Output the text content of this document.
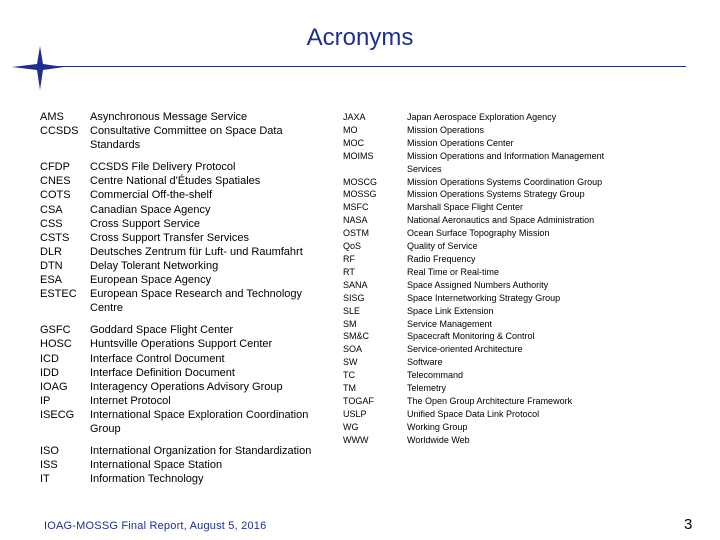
Acronyms
AMS	Asynchronous Message Service
CCSDS	Consultative Committee on Space Data Standards
CFDP	CCSDS File Delivery Protocol
CNES	Centre National d'Études Spatiales
COTS	Commercial Off-the-shelf
CSA	Canadian Space Agency
CSS	Cross Support Service
CSTS	Cross Support Transfer Services
DLR	Deutsches Zentrum für Luft- und Raumfahrt
DTN	Delay Tolerant Networking
ESA	European Space Agency
ESTEC	European Space Research and Technology Centre
GSFC	Goddard Space Flight Center
HOSC	Huntsville Operations Support Center
ICD	Interface Control Document
IDD	Interface Definition Document
IOAG	Interagency Operations Advisory Group
IP	Internet Protocol
ISECG	International Space Exploration Coordination Group
ISO	International Organization for Standardization
ISS	International Space Station
IT	Information Technology
JAXA	Japan Aerospace Exploration Agency
MO	Mission Operations
MOC	Mission Operations Center
MOIMS	Mission Operations and Information Management Services
MOSCG	Mission Operations Systems Coordination Group
MOSSG	Mission Operations Systems Strategy Group
MSFC	Marshall Space Flight Center
NASA	National Aeronautics and Space Administration
OSTM	Ocean Surface Topography Mission
QoS	Quality of Service
RF	Radio Frequency
RT	Real Time or Real-time
SANA	Space Assigned Numbers Authority
SISG	Space Internetworking Strategy Group
SLE	Space Link Extension
SM	Service Management
SM&C	Spacecraft Monitoring & Control
SOA	Service-oriented Architecture
SW	Software
TC	Telecommand
TM	Telemetry
TOGAF	The Open Group Architecture Framework
USLP	Unified Space Data Link Protocol
WG	Working Group
WWW	Worldwide Web
IOAG-MOSSG Final Report, August 5, 2016	3
